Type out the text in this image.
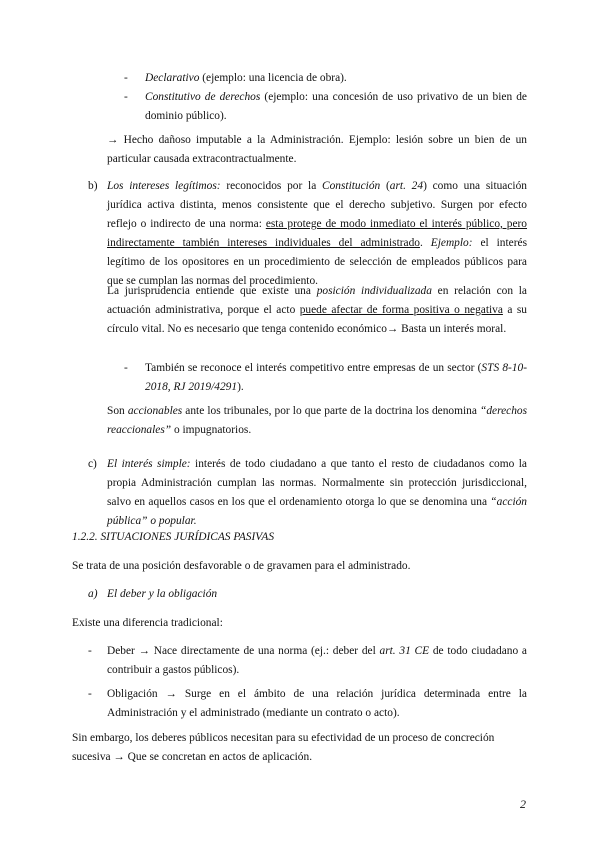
- Declarativo (ejemplo: una licencia de obra).
- Constitutivo de derechos (ejemplo: una concesión de uso privativo de un bien de dominio público).
→ Hecho dañoso imputable a la Administración. Ejemplo: lesión sobre un bien de un particular causada extracontractualmente.
b) Los intereses legítimos: reconocidos por la Constitución (art. 24) como una situación jurídica activa distinta, menos consistente que el derecho subjetivo. Surgen por efecto reflejo o indirecto de una norma: esta protege de modo inmediato el interés público, pero indirectamente también intereses individuales del administrado. Ejemplo: el interés legítimo de los opositores en un procedimiento de selección de empleados públicos para que se cumplan las normas del procedimiento.
La jurisprudencia entiende que existe una posición individualizada en relación con la actuación administrativa, porque el acto puede afectar de forma positiva o negativa a su círculo vital. No es necesario que tenga contenido económico→ Basta un interés moral.
- También se reconoce el interés competitivo entre empresas de un sector (STS 8-10-2018, RJ 2019/4291).
Son accionables ante los tribunales, por lo que parte de la doctrina los denomina “derechos reaccionales” o impugnatorios.
c) El interés simple: interés de todo ciudadano a que tanto el resto de ciudadanos como la propia Administración cumplan las normas. Normalmente sin protección jurisdiccional, salvo en aquellos casos en los que el ordenamiento otorga lo que se denomina una “acción pública” o popular.
1.2.2. SITUACIONES JURÍDICAS PASIVAS
Se trata de una posición desfavorable o de gravamen para el administrado.
a) El deber y la obligación
Existe una diferencia tradicional:
- Deber → Nace directamente de una norma (ej.: deber del art. 31 CE de todo ciudadano a contribuir a gastos públicos).
- Obligación → Surge en el ámbito de una relación jurídica determinada entre la Administración y el administrado (mediante un contrato o acto).
Sin embargo, los deberes públicos necesitan para su efectividad de un proceso de concreción sucesiva → Que se concretan en actos de aplicación.
2
